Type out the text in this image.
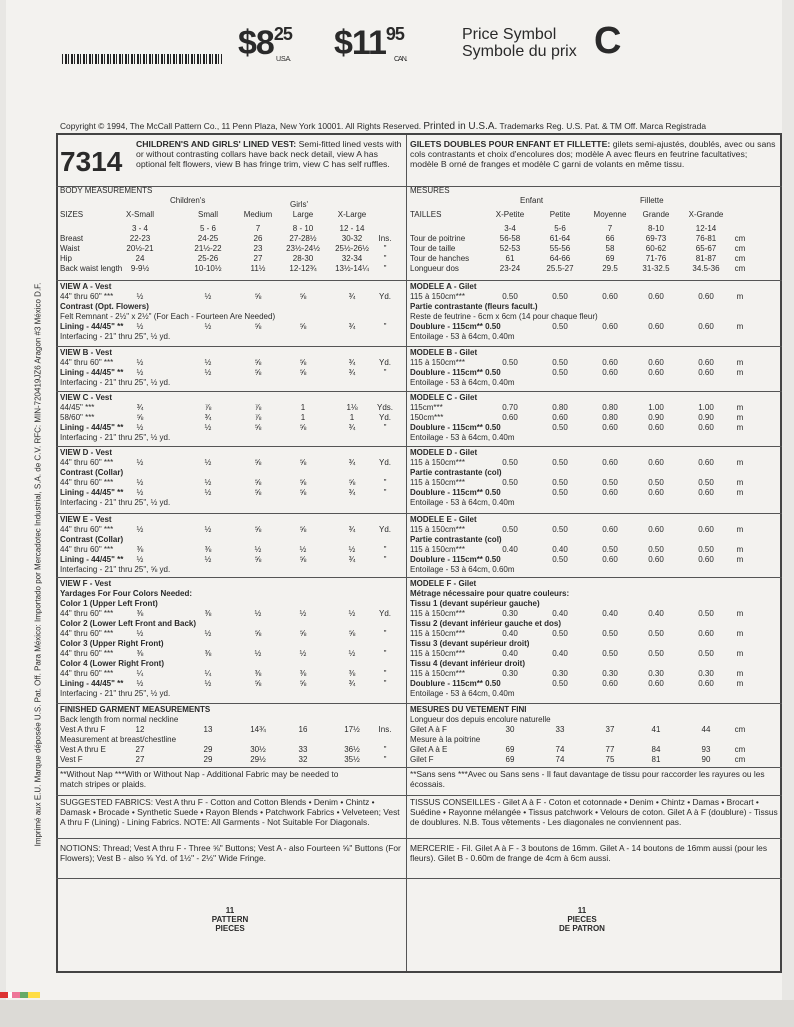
$\$8^{25}$
U.S.A. $\$11^{95}$
CAN.
Price Symbol
Symbole du prix C
Copyright © 1994, The McCall Pattern Co., 11 Penn Plaza, New York 10001. All Rights Reserved. Printed in U.S.A. Trademarks Reg. U.S. Pat. & TM Off. Marca Registrada
Imprimé aux E.U. Marque déposée U.S. Pat. Off. Para México: Importado por Mercadotec Industrial, S.A. de C.V. RFC: MIN-720419JZ6 Aragon #3 México D.F.
7314
CHILDREN'S AND GIRLS' LINED VEST: Semi-fitted lined vests with or without contrasting collars have back neck detail, view A has optional felt flowers, view B has fringe trim, view C has self ruffles.
GILETS DOUBLES POUR ENFANT ET FILLETTE: gilets semi-ajustés, doublés, avec ou sans cols contrastants et choix d'encolures dos; modèle A avec fleurs en feutrine facultatives; modèle B orné de franges et modèle C garni de volants en même tissu.
BODY MEASUREMENTS
Children's	Girls'
SIZES	X-Small	Small	Medium	Large	X-Large
3 - 4	5 - 6	7	8 - 10	12 - 14
Breast	22-23	24-25	26	27-28½	30-32	Ins.
Waist	20½-21	21½-22	23	23½-24½	25½-26½	"
Hip	24	25-26	27	28-30	32-34	"
Back waist length	9-9½	10-10½	11½	12-12¾	13½-14¼	"
MESURES
Enfant	Fillette
TAILLES	X-Petite	Petite	Moyenne	Grande	X-Grande
3-4	5-6	7	8-10	12-14
Tour de poitrine	56-58	61-64	66	69-73	76-81	cm
Tour de taille	52-53	55-56	58	60-62	65-67	cm
Tour de hanches	61	64-66	69	71-76	81-87	cm
Longueur dos	23-24	25.5-27	29.5	31-32.5	34.5-36	cm
VIEW A - Vest
44" thru 60" ***	½	½	⅝	⅝	¾	Yd.
Contrast (Opt. Flowers)
Felt Remnant - 2½" x 2½" (For Each - Fourteen Are Needed)
Lining - 44/45" **	½	½	⅝	⅝	¾	"
Interfacing - 21" thru 25", ½ yd.
VIEW B - Vest
44" thru 60" ***	½	½	⅝	⅝	¾	Yd.
Lining - 44/45" **	½	½	⅝	⅝	¾	"
Interfacing - 21" thru 25", ½ yd.
VIEW C - Vest
44/45" ***	¾	⅞	⅞	1	1⅛	Yds.
58/60" ***	⅝	¾	⅞	1	1	Yd.
Lining - 44/45" **	½	½	⅝	⅝	¾	"
Interfacing - 21" thru 25", ½ yd.
VIEW D - Vest
44" thru 60" ***	½	½	⅝	⅝	¾	Yd.
Contrast (Collar)
44" thru 60" ***	½	½	⅝	⅝	⅝	"
Lining - 44/45" **	½	½	⅝	⅝	¾	"
Interfacing - 21" thru 25", ½ yd.
VIEW E - Vest
44" thru 60" ***	½	½	⅝	⅝	¾	Yd.
Contrast (Collar)
44" thru 60" ***	⅜	⅜	½	½	½	"
Lining - 44/45" **	½	½	⅝	⅝	¾	"
Interfacing - 21" thru 25", ⅝ yd.
VIEW F - Vest
Yardages For Four Colors Needed:
Color 1 (Upper Left Front)
44" thru 60" ***	⅜	⅜	½	½	½	Yd.
Color 2 (Lower Left Front and Back)
44" thru 60" ***	½	½	⅝	⅝	⅝	"
Color 3 (Upper Right Front)
44" thru 60" ***	⅜	⅜	½	½	½	"
Color 4 (Lower Right Front)
44" thru 60" ***	¼	¼	⅜	⅜	⅜	"
Lining - 44/45" **	½	½	⅝	⅝	¾	"
Interfacing - 21" thru 25", ½ yd.
FINISHED GARMENT MEASUREMENTS
Back length from normal neckline
Vest A thru F	12	13	14¾	16	17½	Ins.
Measurement at breast/chestline
Vest A thru E	27	29	30½	33	36½	"
Vest F	27	29	29½	32	35½	"
MODELE A - Gilet
115 à 150cm***	0.50	0.50	0.60	0.60	0.60	m
Partie contrastante (fleurs facult.)
Reste de feutrine - 6cm x 6cm (14 pour chaque fleur)
Doublure - 115cm** 0.50	0.50	0.60	0.60	0.60	m
Entoilage - 53 à 64cm, 0.40m
MODELE B - Gilet
115 à 150cm***	0.50	0.50	0.60	0.60	0.60	m
Doublure - 115cm** 0.50	0.50	0.60	0.60	0.60	m
Entoilage - 53 à 64cm, 0.40m
MODELE C - Gilet
115cm***	0.70	0.80	0.80	1.00	1.00	m
150cm***	0.60	0.60	0.80	0.90	0.90	m
Doublure - 115cm** 0.50	0.50	0.60	0.60	0.60	m
Entoilage - 53 à 64cm, 0.40m
MODELE D - Gilet
115 à 150cm***	0.50	0.50	0.60	0.60	0.60	m
Partie contrastante (col)
115 à 150cm***	0.50	0.50	0.50	0.50	0.50	m
Doublure - 115cm** 0.50	0.50	0.60	0.60	0.60	m
Entoilage - 53 à 64cm, 0.40m
MODELE E - Gilet
115 à 150cm***	0.50	0.50	0.60	0.60	0.60	m
Partie contrastante (col)
115 à 150cm***	0.40	0.40	0.50	0.50	0.50	m
Doublure - 115cm** 0.50	0.50	0.60	0.60	0.60	m
Entoilage - 53 à 64cm, 0.60m
MODELE F - Gilet
Métrage nécessaire pour quatre couleurs:
Tissu 1 (devant supérieur gauche)
115 à 150cm***	0.30	0.40	0.40	0.40	0.50	m
Tissu 2 (devant inférieur gauche et dos)
115 à 150cm***	0.40	0.50	0.50	0.50	0.60	m
Tissu 3 (devant supérieur droit)
115 à 150cm***	0.40	0.40	0.50	0.50	0.50	m
Tissu 4 (devant inférieur droit)
115 à 150cm***	0.30	0.30	0.30	0.30	0.30	m
Doublure - 115cm** 0.50	0.50	0.60	0.60	0.60	m
Entoilage - 53 à 64cm, 0.40m
MESURES DU VETEMENT FINI
Longueur dos depuis encolure naturelle
Gilet A à F	30	33	37	41	44	cm
Mesure à la poitrine
Gilet A à E	69	74	77	84	93	cm
Gilet F	69	74	75	81	90	cm
**Without Nap ***With or Without Nap - Additional Fabric may be needed to match stripes or plaids.
**Sans sens ***Avec ou Sans sens - Il faut davantage de tissu pour raccorder les rayures ou les écossais.
SUGGESTED FABRICS: Vest A thru F - Cotton and Cotton Blends • Denim • Chintz • Damask • Brocade • Synthetic Suede • Rayon Blends • Patchwork Fabrics • Velveteen; Vest A thru F (Lining) - Lining Fabrics. NOTE: All Garments - Not Suitable For Diagonals.
TISSUS CONSEILLES - Gilet A à F - Coton et cotonnade • Denim • Chintz • Damas • Brocart • Suédine • Rayonne mélangée • Tissus patchwork • Velours de coton. Gilet A à F (doublure) - Tissus de doublures. N.B. Tous vêtements - Les diagonales ne conviennent pas.
NOTIONS: Thread; Vest A thru F - Three ⅝" Buttons; Vest A - also Fourteen ⅝" Buttons (For Flowers); Vest B - also ⅝ Yd. of 1½" - 2½" Wide Fringe.
MERCERIE - Fil. Gilet A à F - 3 boutons de 16mm. Gilet A - 14 boutons de 16mm aussi (pour les fleurs). Gilet B - 0.60m de frange de 4cm à 6cm aussi.
11
PATTERN
PIECES
11
PIECES
DE PATRON
